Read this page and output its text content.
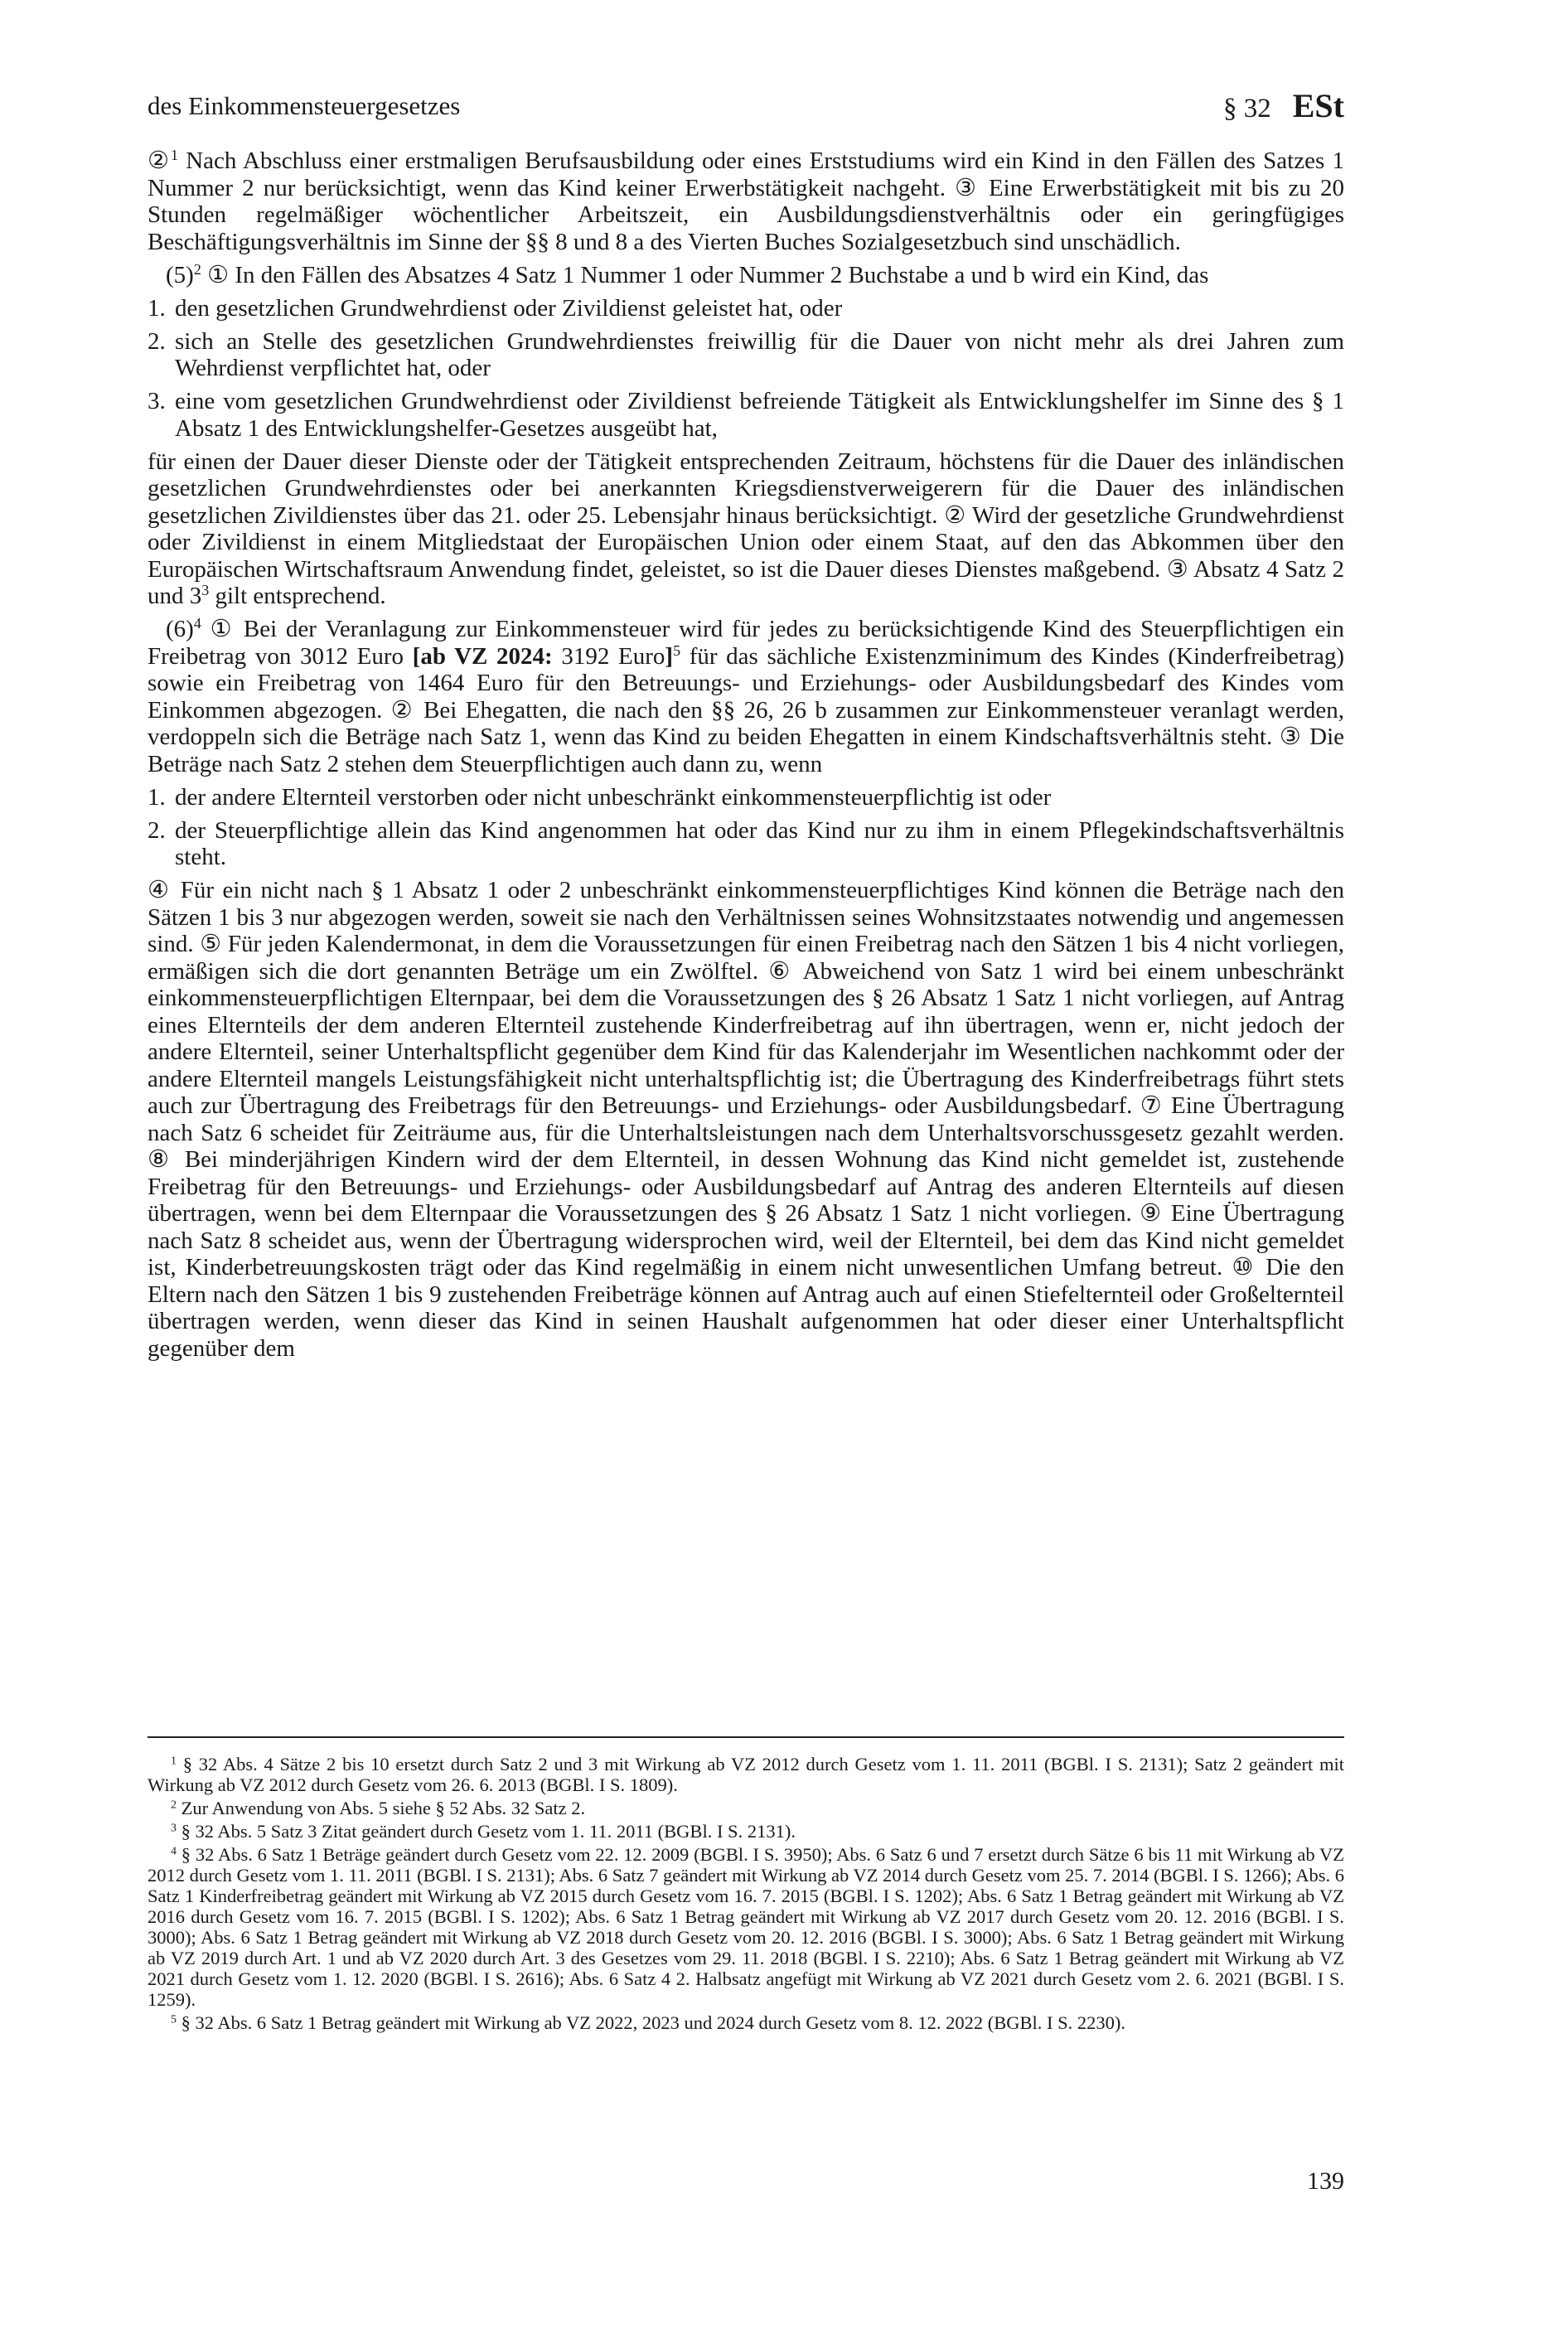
des Einkommensteuergesetzes	§ 32 ESt

②$^1$ Nach Abschluss einer erstmaligen Berufsausbildung oder eines Erststudiums wird ein Kind in den Fällen des Satzes 1 Nummer 2 nur berücksichtigt, wenn das Kind keiner Erwerbstätigkeit nachgeht. ③ Eine Erwerbstätigkeit mit bis zu 20 Stunden regelmäßiger wöchentlicher Arbeitszeit, ein Ausbildungsdienstverhältnis oder ein geringfügiges Beschäftigungsverhältnis im Sinne der §§ 8 und 8 a des Vierten Buches Sozialgesetzbuch sind unschädlich.

$(5)^2$ ① In den Fällen des Absatzes 4 Satz 1 Nummer 1 oder Nummer 2 Buchstabe a und b wird ein Kind, das

1. den gesetzlichen Grundwehrdienst oder Zivildienst geleistet hat, oder
2. sich an Stelle des gesetzlichen Grundwehrdienstes freiwillig für die Dauer von nicht mehr als drei Jahren zum Wehrdienst verpflichtet hat, oder
3. eine vom gesetzlichen Grundwehrdienst oder Zivildienst befreiende Tätigkeit als Entwicklungshelfer im Sinne des § 1 Absatz 1 des Entwicklungshelfer-Gesetzes ausgeübt hat,

für einen der Dauer dieser Dienste oder der Tätigkeit entsprechenden Zeitraum, höchstens für die Dauer des inländischen gesetzlichen Grundwehrdienstes oder bei anerkannten Kriegsdienstverweigerern für die Dauer des inländischen gesetzlichen Zivildienstes über das 21. oder 25. Lebensjahr hinaus berücksichtigt. ② Wird der gesetzliche Grundwehrdienst oder Zivildienst in einem Mitgliedstaat der Europäischen Union oder einem Staat, auf den das Abkommen über den Europäischen Wirtschaftsraum Anwendung findet, geleistet, so ist die Dauer dieses Dienstes maßgebend. ③ Absatz 4 Satz 2 und $3^3$ gilt entsprechend.

$(6)^4$ ① Bei der Veranlagung zur Einkommensteuer wird für jedes zu berücksichtigende Kind des Steuerpflichtigen ein Freibetrag von 3012 Euro [ab VZ 2024: 3192 Euro]$^5$ für das sächliche Existenzminimum des Kindes (Kinderfreibetrag) sowie ein Freibetrag von 1464 Euro für den Betreuungs- und Erziehungs- oder Ausbildungsbedarf des Kindes vom Einkommen abgezogen. ② Bei Ehegatten, die nach den §§ 26, 26 b zusammen zur Einkommensteuer veranlagt werden, verdoppeln sich die Beträge nach Satz 1, wenn das Kind zu beiden Ehegatten in einem Kindschaftsverhältnis steht. ③ Die Beträge nach Satz 2 stehen dem Steuerpflichtigen auch dann zu, wenn

1. der andere Elternteil verstorben oder nicht unbeschränkt einkommensteuerpflichtig ist oder
2. der Steuerpflichtige allein das Kind angenommen hat oder das Kind nur zu ihm in einem Pflegekindschaftsverhältnis steht.

④ Für ein nicht nach § 1 Absatz 1 oder 2 unbeschränkt einkommensteuerpflichtiges Kind können die Beträge nach den Sätzen 1 bis 3 nur abgezogen werden, soweit sie nach den Verhältnissen seines Wohnsitzstaates notwendig und angemessen sind. ⑤ Für jeden Kalendermonat, in dem die Voraussetzungen für einen Freibetrag nach den Sätzen 1 bis 4 nicht vorliegen, ermäßigen sich die dort genannten Beträge um ein Zwölftel. ⑥ Abweichend von Satz 1 wird bei einem unbeschränkt einkommensteuerpflichtigen Elternpaar, bei dem die Voraussetzungen des § 26 Absatz 1 Satz 1 nicht vorliegen, auf Antrag eines Elternteils der dem anderen Elternteil zustehende Kinderfreibetrag auf ihn übertragen, wenn er, nicht jedoch der andere Elternteil, seiner Unterhaltspflicht gegenüber dem Kind für das Kalenderjahr im Wesentlichen nachkommt oder der andere Elternteil mangels Leistungsfähigkeit nicht unterhaltspflichtig ist; die Übertragung des Kinderfreibetrags führt stets auch zur Übertragung des Freibetrags für den Betreuungs- und Erziehungs- oder Ausbildungsbedarf. ⑦ Eine Übertragung nach Satz 6 scheidet für Zeiträume aus, für die Unterhaltsleistungen nach dem Unterhaltsvorschussgesetz gezahlt werden. ⑧ Bei minderjährigen Kindern wird der dem Elternteil, in dessen Wohnung das Kind nicht gemeldet ist, zustehende Freibetrag für den Betreuungs- und Erziehungs- oder Ausbildungsbedarf auf Antrag des anderen Elternteils auf diesen übertragen, wenn bei dem Elternpaar die Voraussetzungen des § 26 Absatz 1 Satz 1 nicht vorliegen. ⑨ Eine Übertragung nach Satz 8 scheidet aus, wenn der Übertragung widersprochen wird, weil der Elternteil, bei dem das Kind nicht gemeldet ist, Kinderbetreuungskosten trägt oder das Kind regelmäßig in einem nicht unwesentlichen Umfang betreut. ⑩ Die den Eltern nach den Sätzen 1 bis 9 zustehenden Freibeträge können auf Antrag auch auf einen Stiefelternteil oder Großelternteil übertragen werden, wenn dieser das Kind in seinen Haushalt aufgenommen hat oder dieser einer Unterhaltspflicht gegenüber dem

$^1$ § 32 Abs. 4 Sätze 2 bis 10 ersetzt durch Satz 2 und 3 mit Wirkung ab VZ 2012 durch Gesetz vom 1. 11. 2011 (BGBl. I S. 2131); Satz 2 geändert mit Wirkung ab VZ 2012 durch Gesetz vom 26. 6. 2013 (BGBl. I S. 1809).

$^2$ Zur Anwendung von Abs. 5 siehe § 52 Abs. 32 Satz 2.

$^3$ § 32 Abs. 5 Satz 3 Zitat geändert durch Gesetz vom 1. 11. 2011 (BGBl. I S. 2131).

$^4$ § 32 Abs. 6 Satz 1 Beträge geändert durch Gesetz vom 22. 12. 2009 (BGBl. I S. 3950); Abs. 6 Satz 6 und 7 ersetzt durch Sätze 6 bis 11 mit Wirkung ab VZ 2012 durch Gesetz vom 1. 11. 2011 (BGBl. I S. 2131); Abs. 6 Satz 7 geändert mit Wirkung ab VZ 2014 durch Gesetz vom 25. 7. 2014 (BGBl. I S. 1266); Abs. 6 Satz 1 Kinderfreibetrag geändert mit Wirkung ab VZ 2015 durch Gesetz vom 16. 7. 2015 (BGBl. I S. 1202); Abs. 6 Satz 1 Betrag geändert mit Wirkung ab VZ 2016 durch Gesetz vom 16. 7. 2015 (BGBl. I S. 1202); Abs. 6 Satz 1 Betrag geändert mit Wirkung ab VZ 2017 durch Gesetz vom 20. 12. 2016 (BGBl. I S. 3000); Abs. 6 Satz 1 Betrag geändert mit Wirkung ab VZ 2018 durch Gesetz vom 20. 12. 2016 (BGBl. I S. 3000); Abs. 6 Satz 1 Betrag geändert mit Wirkung ab VZ 2019 durch Art. 1 und ab VZ 2020 durch Art. 3 des Gesetzes vom 29. 11. 2018 (BGBl. I S. 2210); Abs. 6 Satz 1 Betrag geändert mit Wirkung ab VZ 2021 durch Gesetz vom 1. 12. 2020 (BGBl. I S. 2616); Abs. 6 Satz 4 2. Halbsatz angefügt mit Wirkung ab VZ 2021 durch Gesetz vom 2. 6. 2021 (BGBl. I S. 1259).

$^5$ § 32 Abs. 6 Satz 1 Betrag geändert mit Wirkung ab VZ 2022, 2023 und 2024 durch Gesetz vom 8. 12. 2022 (BGBl. I S. 2230).

139
